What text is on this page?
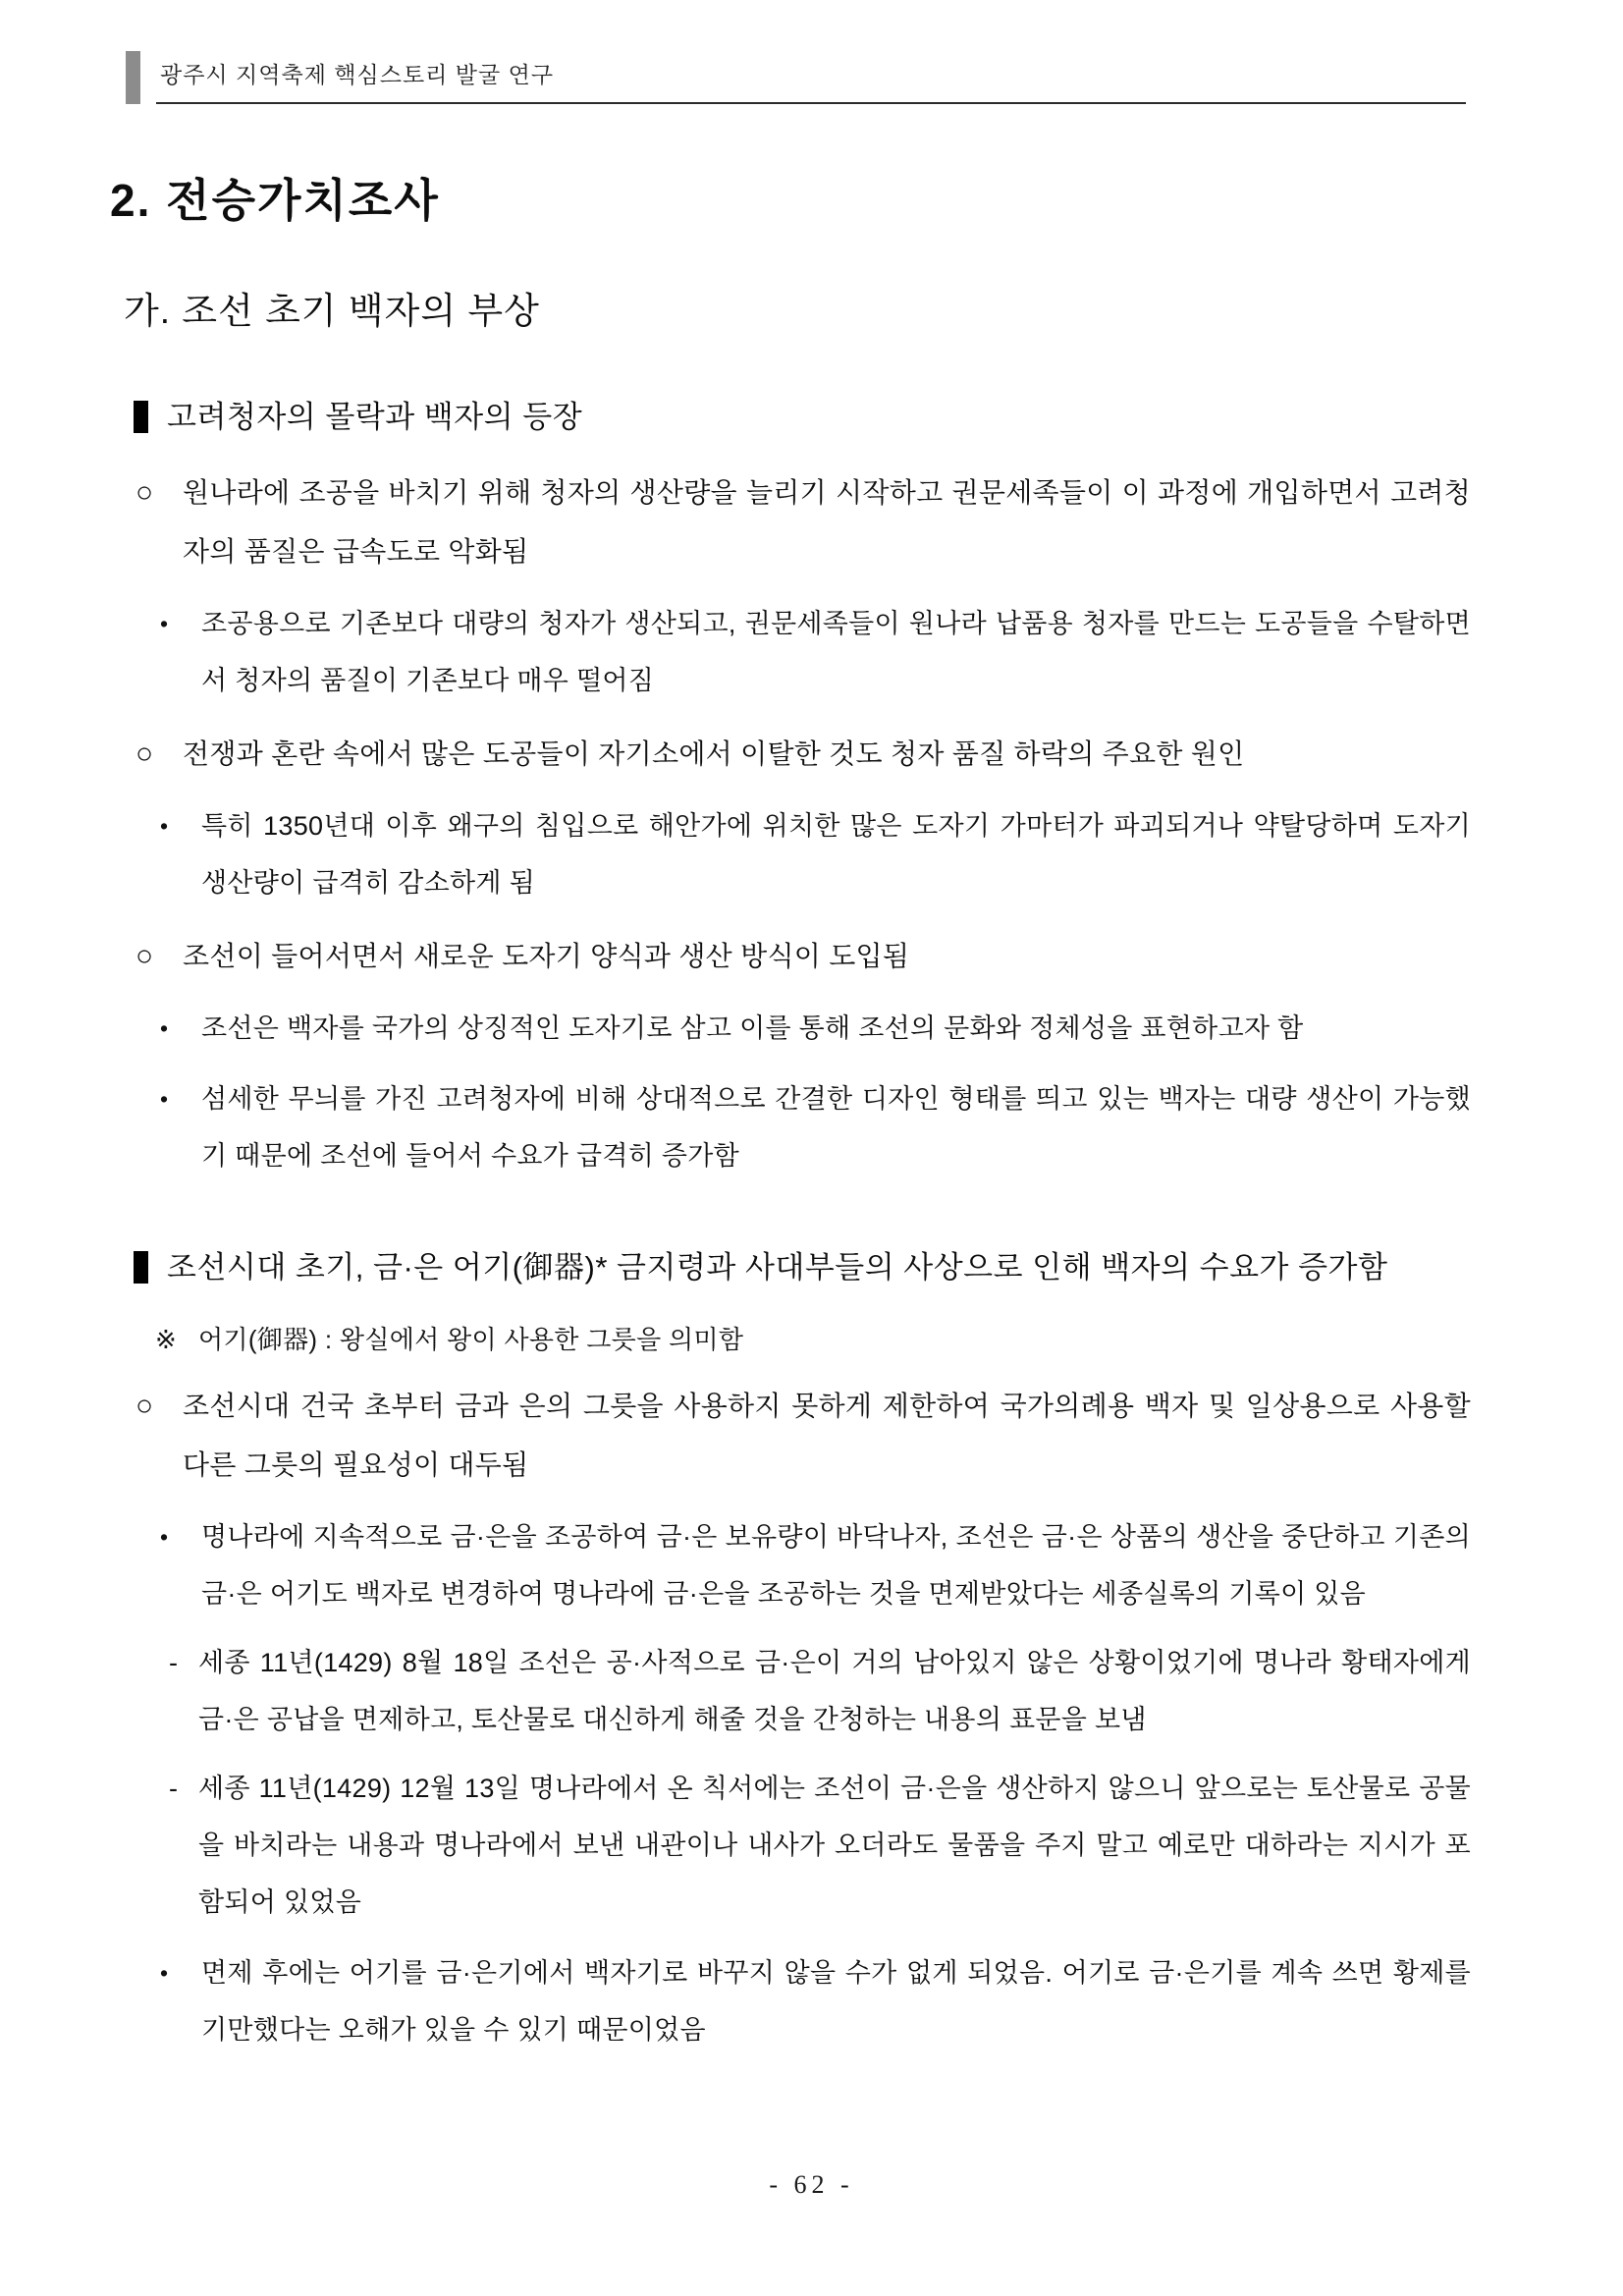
광주시 지역축제 핵심스토리 발굴 연구
2. 전승가치조사
가. 조선 초기 백자의 부상
고려청자의 몰락과 백자의 등장
○	원나라에 조공을 바치기 위해 청자의 생산량을 늘리기 시작하고 권문세족들이 이 과정에 개입하면서 고려청자의 품질은 급속도로 악화됨
•	조공용으로 기존보다 대량의 청자가 생산되고, 권문세족들이 원나라 납품용 청자를 만드는 도공들을 수탈하면서 청자의 품질이 기존보다 매우 떨어짐
○	전쟁과 혼란 속에서 많은 도공들이 자기소에서 이탈한 것도 청자 품질 하락의 주요한 원인
•	특히 1350년대 이후 왜구의 침입으로 해안가에 위치한 많은 도자기 가마터가 파괴되거나 약탈당하며 도자기 생산량이 급격히 감소하게 됨
○	조선이 들어서면서 새로운 도자기 양식과 생산 방식이 도입됨
•	조선은 백자를 국가의 상징적인 도자기로 삼고 이를 통해 조선의 문화와 정체성을 표현하고자 함
•	섬세한 무늬를 가진 고려청자에 비해 상대적으로 간결한 디자인 형태를 띄고 있는 백자는 대량 생산이 가능했기 때문에 조선에 들어서 수요가 급격히 증가함
조선시대 초기, 금·은 어기(御器)* 금지령과 사대부들의 사상으로 인해 백자의 수요가 증가함
※ 어기(御器) : 왕실에서 왕이 사용한 그릇을 의미함
○	조선시대 건국 초부터 금과 은의 그릇을 사용하지 못하게 제한하여 국가의례용 백자 및 일상용으로 사용할 다른 그릇의 필요성이 대두됨
•	명나라에 지속적으로 금·은을 조공하여 금·은 보유량이 바닥나자, 조선은 금·은 상품의 생산을 중단하고 기존의 금·은 어기도 백자로 변경하여 명나라에 금·은을 조공하는 것을 면제받았다는 세종실록의 기록이 있음
- 세종 11년(1429) 8월 18일 조선은 공·사적으로 금·은이 거의 남아있지 않은 상황이었기에 명나라 황태자에게 금·은 공납을 면제하고, 토산물로 대신하게 해줄 것을 간청하는 내용의 표문을 보냄
- 세종 11년(1429) 12월 13일 명나라에서 온 칙서에는 조선이 금·은을 생산하지 않으니 앞으로는 토산물로 공물을 바치라는 내용과 명나라에서 보낸 내관이나 내사가 오더라도 물품을 주지 말고 예로만 대하라는 지시가 포함되어 있었음
•	면제 후에는 어기를 금·은기에서 백자기로 바꾸지 않을 수가 없게 되었음. 어기로 금·은기를 계속 쓰면 황제를 기만했다는 오해가 있을 수 있기 때문이었음
- 62 -
